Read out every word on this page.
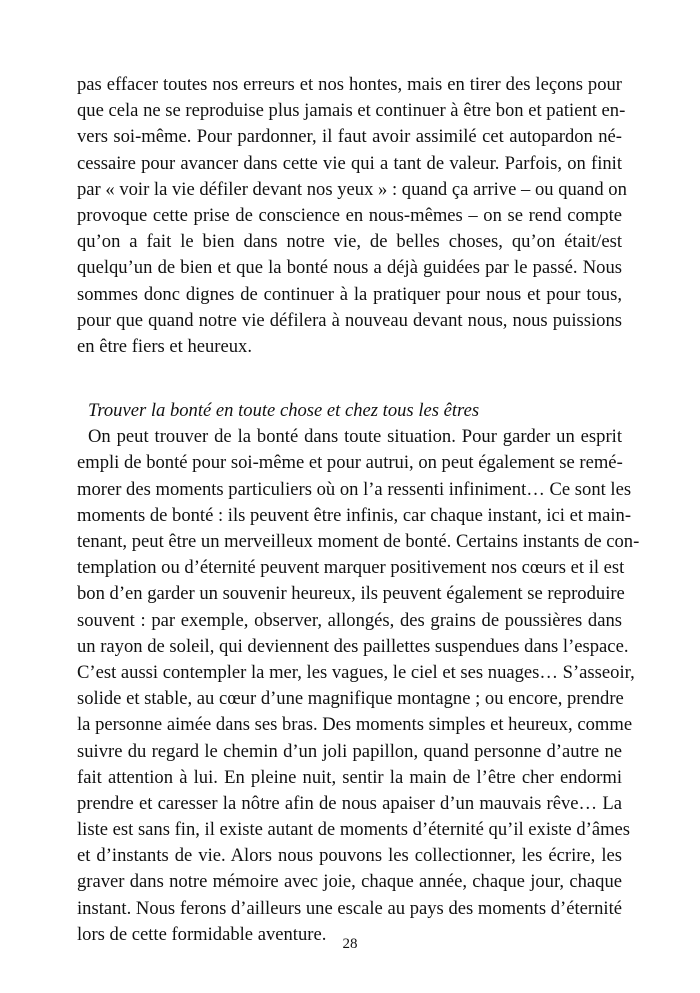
pas effacer toutes nos erreurs et nos hontes, mais en tirer des leçons pour
que cela ne se reproduise plus jamais et continuer à être bon et patient en-
vers soi-même. Pour pardonner, il faut avoir assimilé cet autopardon né-
cessaire pour avancer dans cette vie qui a tant de valeur. Parfois, on finit
par « voir la vie défiler devant nos yeux » : quand ça arrive – ou quand on
provoque cette prise de conscience en nous-mêmes – on se rend compte
qu’on a fait le bien dans notre vie, de belles choses, qu’on était/est
quelqu’un de bien et que la bonté nous a déjà guidées par le passé. Nous
sommes donc dignes de continuer à la pratiquer pour nous et pour tous,
pour que quand notre vie défilera à nouveau devant nous, nous puissions
en être fiers et heureux.
Trouver la bonté en toute chose et chez tous les êtres
On peut trouver de la bonté dans toute situation. Pour garder un esprit
empli de bonté pour soi-même et pour autrui, on peut également se remé-
morer des moments particuliers où on l’a ressenti infiniment… Ce sont les
moments de bonté : ils peuvent être infinis, car chaque instant, ici et main-
tenant, peut être un merveilleux moment de bonté. Certains instants de con-
templation ou d’éternité peuvent marquer positivement nos cœurs et il est
bon d’en garder un souvenir heureux, ils peuvent également se reproduire
souvent : par exemple, observer, allongés, des grains de poussières dans
un rayon de soleil, qui deviennent des paillettes suspendues dans l’espace.
C’est aussi contempler la mer, les vagues, le ciel et ses nuages… S’asseoir,
solide et stable, au cœur d’une magnifique montagne ; ou encore, prendre
la personne aimée dans ses bras. Des moments simples et heureux, comme
suivre du regard le chemin d’un joli papillon, quand personne d’autre ne
fait attention à lui. En pleine nuit, sentir la main de l’être cher endormi
prendre et caresser la nôtre afin de nous apaiser d’un mauvais rêve… La
liste est sans fin, il existe autant de moments d’éternité qu’il existe d’âmes
et d’instants de vie. Alors nous pouvons les collectionner, les écrire, les
graver dans notre mémoire avec joie, chaque année, chaque jour, chaque
instant. Nous ferons d’ailleurs une escale au pays des moments d’éternité
lors de cette formidable aventure.	28
